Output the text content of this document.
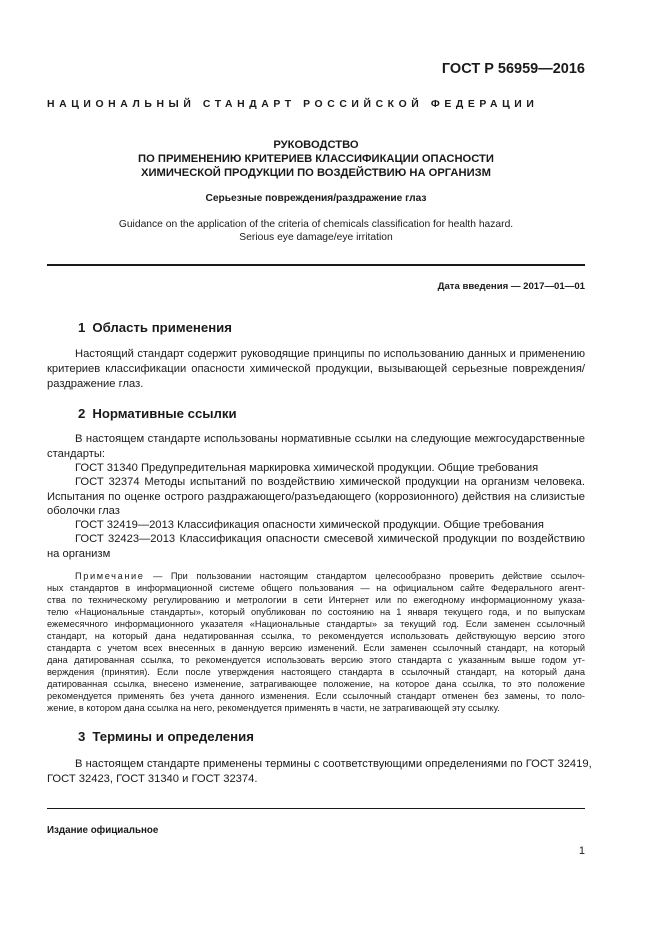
ГОСТ Р 56959—2016
НАЦИОНАЛЬНЫЙ СТАНДАРТ РОССИЙСКОЙ ФЕДЕРАЦИИ
РУКОВОДСТВО
ПО ПРИМЕНЕНИЮ КРИТЕРИЕВ КЛАССИФИКАЦИИ ОПАСНОСТИ
ХИМИЧЕСКОЙ ПРОДУКЦИИ ПО ВОЗДЕЙСТВИЮ НА ОРГАНИЗМ
Серьезные повреждения/раздражение глаз
Guidance on the application of the criteria of chemicals classification for health hazard.
Serious eye damage/eye irritation
Дата введения — 2017—01—01
1 Область применения
Настоящий стандарт содержит руководящие принципы по использованию данных и применению
критериев классификации опасности химической продукции, вызывающей серьезные повреждения/
раздражение глаз.
2 Нормативные ссылки
В настоящем стандарте использованы нормативные ссылки на следующие межгосударственные
стандарты:
ГОСТ 31340 Предупредительная маркировка химической продукции. Общие требования
ГОСТ 32374 Методы испытаний по воздействию химической продукции на организм человека.
Испытания по оценке острого раздражающего/разъедающего (коррозионного) действия на слизистые
оболочки глаз
ГОСТ 32419—2013 Классификация опасности химической продукции. Общие требования
ГОСТ 32423—2013 Классификация опасности смесевой химической продукции по воздействию
на организм
Примечание — При пользовании настоящим стандартом целесообразно проверить действие ссылоч-
ных стандартов в информационной системе общего пользования — на официальном сайте Федерального агент-
ства по техническому регулированию и метрологии в сети Интернет или по ежегодному информационному указа-
телю «Национальные стандарты», который опубликован по состоянию на 1 января текущего года, и по выпускам
ежемесячного информационного указателя «Национальные стандарты» за текущий год. Если заменен ссылочный
стандарт, на который дана недатированная ссылка, то рекомендуется использовать действующую версию этого
стандарта с учетом всех внесенных в данную версию изменений. Если заменен ссылочный стандарт, на который
дана датированная ссылка, то рекомендуется использовать версию этого стандарта с указанным выше годом ут-
верждения (принятия). Если после утверждения настоящего стандарта в ссылочный стандарт, на который дана
датированная ссылка, внесено изменение, затрагивающее положение, на которое дана ссылка, то это положение
рекомендуется применять без учета данного изменения. Если ссылочный стандарт отменен без замены, то поло-
жение, в котором дана ссылка на него, рекомендуется применять в части, не затрагивающей эту ссылку.
3 Термины и определения
В настоящем стандарте применены термины с соответствующими определениями по ГОСТ 32419,
ГОСТ 32423, ГОСТ 31340 и ГОСТ 32374.
Издание официальное
1
